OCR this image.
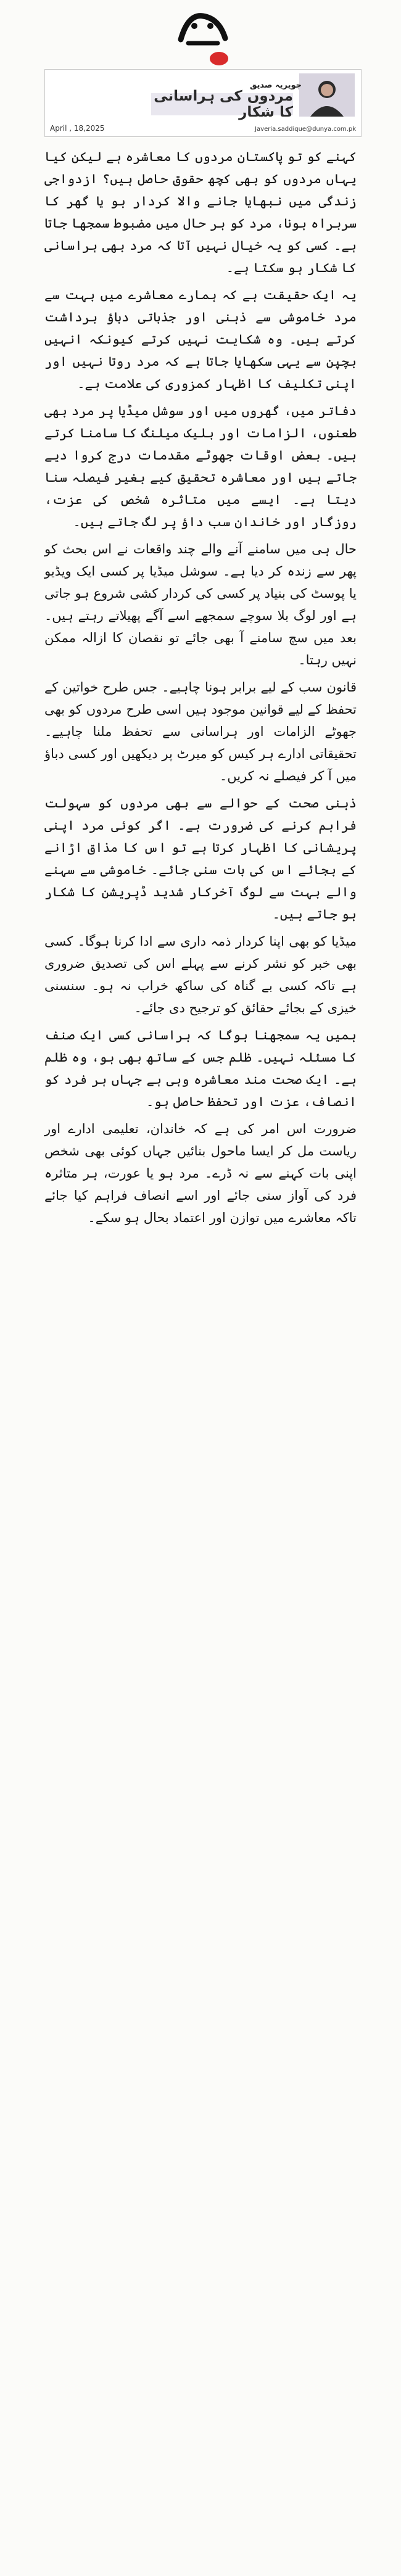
مردوں کی ہراسانی کا شکار
جویریہ صدیق
Javeria.saddique@dunya.com.pk
April , 18,2025

کہنے کو تو پاکستان مردوں کا معاشرہ ہے لیکن کیا یہاں مردوں کو بھی کچھ حقوق حاصل ہیں؟ ازدواجی زندگی میں نبھایا جانے والا کردار ہو یا گھر کا سربراہ ہونا، مرد کو ہر حال میں مضبوط سمجھا جاتا ہے۔ کسی کو یہ خیال نہیں آتا کہ مرد بھی ہراسانی کا شکار ہو سکتا ہے۔

یہ ایک حقیقت ہے کہ ہمارے معاشرے میں بہت سے مرد خاموشی سے ذہنی اور جذباتی دباؤ برداشت کرتے ہیں۔ وہ شکایت نہیں کرتے کیونکہ انہیں بچپن سے یہی سکھایا جاتا ہے کہ مرد روتا نہیں اور اپنی تکلیف کا اظہار کمزوری کی علامت ہے۔

دفاتر میں، گھروں میں اور سوشل میڈیا پر مرد بھی طعنوں، الزامات اور بلیک میلنگ کا سامنا کرتے ہیں۔ بعض اوقات جھوٹے مقدمات درج کروا دیے جاتے ہیں اور معاشرہ تحقیق کیے بغیر فیصلہ سنا دیتا ہے۔ ایسے میں متاثرہ شخص کی عزت، روزگار اور خاندان سب داؤ پر لگ جاتے ہیں۔

حال ہی میں سامنے آنے والے چند واقعات نے اس بحث کو پھر سے زندہ کر دیا ہے۔ سوشل میڈیا پر کسی ایک ویڈیو یا پوسٹ کی بنیاد پر کسی کی کردار کشی شروع ہو جاتی ہے اور لوگ بلا سوچے سمجھے اسے آگے پھیلاتے رہتے ہیں۔ بعد میں سچ سامنے آ بھی جائے تو نقصان کا ازالہ ممکن نہیں رہتا۔

قانون سب کے لیے برابر ہونا چاہیے۔ جس طرح خواتین کے تحفظ کے لیے قوانین موجود ہیں اسی طرح مردوں کو بھی جھوٹے الزامات اور ہراسانی سے تحفظ ملنا چاہیے۔ تحقیقاتی ادارے ہر کیس کو میرٹ پر دیکھیں اور کسی دباؤ میں آ کر فیصلے نہ کریں۔

ذہنی صحت کے حوالے سے بھی مردوں کو سہولت فراہم کرنے کی ضرورت ہے۔ اگر کوئی مرد اپنی پریشانی کا اظہار کرتا ہے تو اس کا مذاق اڑانے کے بجائے اس کی بات سنی جائے۔ خاموشی سے سہنے والے بہت سے لوگ آخرکار شدید ڈپریشن کا شکار ہو جاتے ہیں۔

میڈیا کو بھی اپنا کردار ذمہ داری سے ادا کرنا ہوگا۔ کسی بھی خبر کو نشر کرنے سے پہلے اس کی تصدیق ضروری ہے تاکہ کسی بے گناہ کی ساکھ خراب نہ ہو۔ سنسنی خیزی کے بجائے حقائق کو ترجیح دی جائے۔

ہمیں یہ سمجھنا ہوگا کہ ہراسانی کسی ایک صنف کا مسئلہ نہیں۔ ظلم جس کے ساتھ بھی ہو، وہ ظلم ہے۔ ایک صحت مند معاشرہ وہی ہے جہاں ہر فرد کو انصاف، عزت اور تحفظ حاصل ہو۔

ضرورت اس امر کی ہے کہ خاندان، تعلیمی ادارے اور ریاست مل کر ایسا ماحول بنائیں جہاں کوئی بھی شخص اپنی بات کہنے سے نہ ڈرے۔ مرد ہو یا عورت، ہر متاثرہ فرد کی آواز سنی جائے اور اسے انصاف فراہم کیا جائے تاکہ معاشرے میں توازن اور اعتماد بحال ہو سکے۔
